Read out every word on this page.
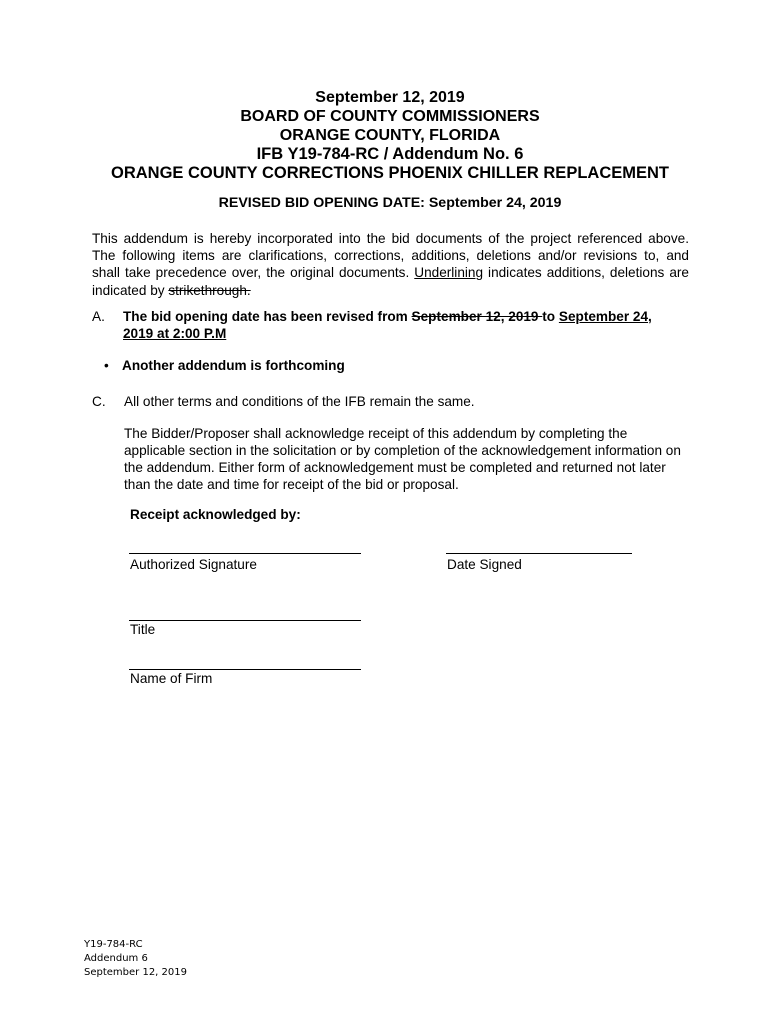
September 12, 2019
BOARD OF COUNTY COMMISSIONERS
ORANGE COUNTY, FLORIDA
IFB Y19-784-RC / Addendum No. 6
ORANGE COUNTY CORRECTIONS PHOENIX CHILLER REPLACEMENT
REVISED BID OPENING DATE: September 24, 2019
This addendum is hereby incorporated into the bid documents of the project referenced above.
The following items are clarifications, corrections, additions, deletions and/or revisions to, and
shall take precedence over, the original documents. Underlining indicates additions, deletions are
indicated by strikethrough.
A. The bid opening date has been revised from September 12, 2019 to September 24,
2019 at 2:00 P.M
• Another addendum is forthcoming
C. All other terms and conditions of the IFB remain the same.
The Bidder/Proposer shall acknowledge receipt of this addendum by completing the
applicable section in the solicitation or by completion of the acknowledgement information on
the addendum. Either form of acknowledgement must be completed and returned not later
than the date and time for receipt of the bid or proposal.
Receipt acknowledged by:
Authorized Signature	Date Signed
Title
Name of Firm
Y19-784-RC
Addendum 6
September 12, 2019
